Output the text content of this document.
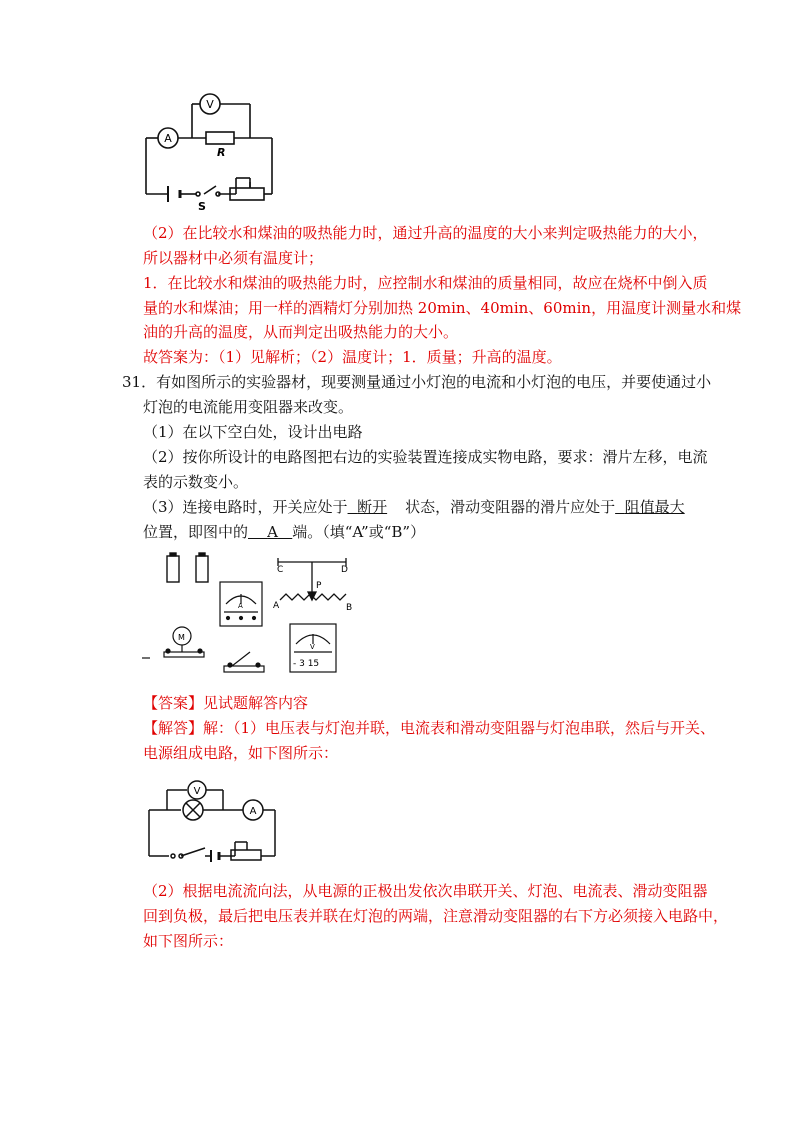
V
A
R
S
（2）在比较水和煤油的吸热能力时，通过升高的温度的大小来判定吸热能力的大小，
所以器材中必须有温度计；
1．在比较水和煤油的吸热能力时，应控制水和煤油的质量相同，故应在烧杯中倒入质
量的水和煤油；用一样的酒精灯分别加热 20min、40min、60min，用温度计测量水和煤
油的升高的温度，从而判定出吸热能力的大小。
故答案为：（1）见解析；（2）温度计；1．质量；升高的温度。
31．有如图所示的实验器材，现要测量通过小灯泡的电流和小灯泡的电压，并要使通过小
灯泡的电流能用变阻器来改变。
（1）在以下空白处，设计出电路
（2）按你所设计的电路图把右边的实验装置连接成实物电路，要求：滑片左移，电流
表的示数变小。
（3）连接电路时，开关应处于 断开 状态，滑动变阻器的滑片应处于 阻值最大
位置，即图中的 A 端。（填“A”或“B”）
C	D
P
A	B
A
V
- 3 15
M
【答案】见试题解答内容
【解答】解：（1）电压表与灯泡并联，电流表和滑动变阻器与灯泡串联，然后与开关、
电源组成电路，如下图所示：
V
A
（2）根据电流流向法，从电源的正极出发依次串联开关、灯泡、电流表、滑动变阻器
回到负极，最后把电压表并联在灯泡的两端，注意滑动变阻器的右下方必须接入电路中，
如下图所示：
